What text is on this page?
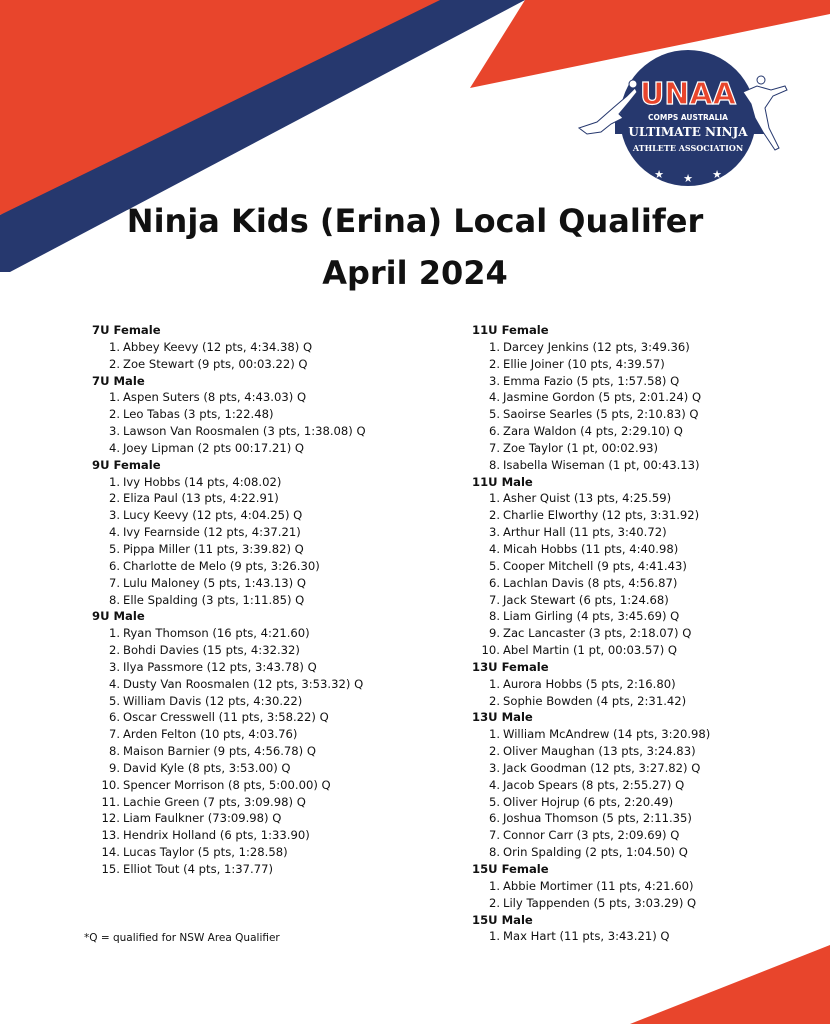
UNAA
COMPS AUSTRALIA
ULTIMATE NINJA
ATHLETE ASSOCIATION
★ ★ ★
Ninja Kids (Erina) Local Qualifer
April 2024
7U Female
1. Abbey Keevy (12 pts, 4:34.38) Q
2. Zoe Stewart (9 pts, 00:03.22) Q
7U Male
1. Aspen Suters (8 pts, 4:43.03) Q
2. Leo Tabas (3 pts, 1:22.48)
3. Lawson Van Roosmalen (3 pts, 1:38.08) Q
4. Joey Lipman (2 pts 00:17.21) Q
9U Female
1. Ivy Hobbs (14 pts, 4:08.02)
2. Eliza Paul (13 pts, 4:22.91)
3. Lucy Keevy (12 pts, 4:04.25) Q
4. Ivy Fearnside (12 pts, 4:37.21)
5. Pippa Miller (11 pts, 3:39.82) Q
6. Charlotte de Melo (9 pts, 3:26.30)
7. Lulu Maloney (5 pts, 1:43.13) Q
8. Elle Spalding (3 pts, 1:11.85) Q
9U Male
1. Ryan Thomson (16 pts, 4:21.60)
2. Bohdi Davies (15 pts, 4:32.32)
3. Ilya Passmore (12 pts, 3:43.78) Q
4. Dusty Van Roosmalen (12 pts, 3:53.32) Q
5. William Davis (12 pts, 4:30.22)
6. Oscar Cresswell (11 pts, 3:58.22) Q
7. Arden Felton (10 pts, 4:03.76)
8. Maison Barnier (9 pts, 4:56.78) Q
9. David Kyle (8 pts, 3:53.00) Q
10. Spencer Morrison (8 pts, 5:00.00) Q
11. Lachie Green (7 pts, 3:09.98) Q
12. Liam Faulkner (73:09.98) Q
13. Hendrix Holland (6 pts, 1:33.90)
14. Lucas Taylor (5 pts, 1:28.58)
15. Elliot Tout (4 pts, 1:37.77)
11U Female
1. Darcey Jenkins (12 pts, 3:49.36)
2. Ellie Joiner (10 pts, 4:39.57)
3. Emma Fazio (5 pts, 1:57.58) Q
4. Jasmine Gordon (5 pts, 2:01.24) Q
5. Saoirse Searles (5 pts, 2:10.83) Q
6. Zara Waldon (4 pts, 2:29.10) Q
7. Zoe Taylor (1 pt, 00:02.93)
8. Isabella Wiseman (1 pt, 00:43.13)
11U Male
1. Asher Quist (13 pts, 4:25.59)
2. Charlie Elworthy (12 pts, 3:31.92)
3. Arthur Hall (11 pts, 3:40.72)
4. Micah Hobbs (11 pts, 4:40.98)
5. Cooper Mitchell (9 pts, 4:41.43)
6. Lachlan Davis (8 pts, 4:56.87)
7. Jack Stewart (6 pts, 1:24.68)
8. Liam Girling (4 pts, 3:45.69) Q
9. Zac Lancaster (3 pts, 2:18.07) Q
10. Abel Martin (1 pt, 00:03.57) Q
13U Female
1. Aurora Hobbs (5 pts, 2:16.80)
2. Sophie Bowden (4 pts, 2:31.42)
13U Male
1. William McAndrew (14 pts, 3:20.98)
2. Oliver Maughan (13 pts, 3:24.83)
3. Jack Goodman (12 pts, 3:27.82) Q
4. Jacob Spears (8 pts, 2:55.27) Q
5. Oliver Hojrup (6 pts, 2:20.49)
6. Joshua Thomson (5 pts, 2:11.35)
7. Connor Carr (3 pts, 2:09.69) Q
8. Orin Spalding (2 pts, 1:04.50) Q
15U Female
1. Abbie Mortimer (11 pts, 4:21.60)
2. Lily Tappenden (5 pts, 3:03.29) Q
15U Male
1. Max Hart (11 pts, 3:43.21) Q
*Q = qualified for NSW Area Qualifier
